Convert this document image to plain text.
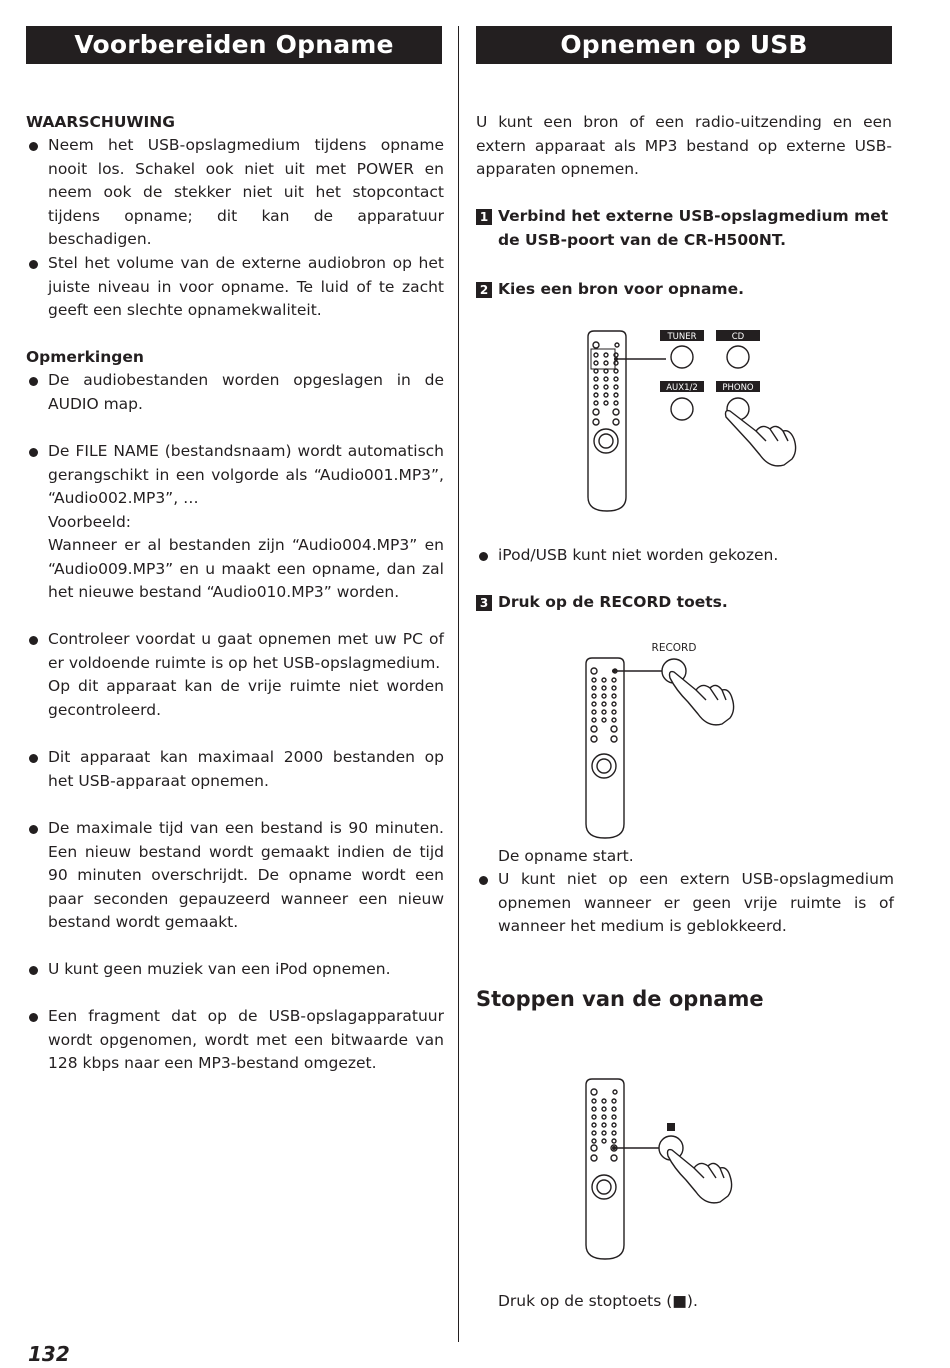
Voorbereiden Opname	Opnemen op USB
WAARSCHUWING
Neem het USB-opslagmedium tijdens opname nooit los. Schakel ook niet uit met POWER en neem ook de stekker niet uit het stopcontact tijdens opname; dit kan de apparatuur beschadigen.
Stel het volume van de externe audiobron op het juiste niveau in voor opname. Te luid of te zacht geeft een slechte opnamekwaliteit.
Opmerkingen
De audiobestanden worden opgeslagen in de AUDIO map.
De FILE NAME (bestandsnaam) wordt automatisch gerangschikt in een volgorde als “Audio001.MP3”, “Audio002.MP3”, …
Voorbeeld:
Wanneer er al bestanden zijn “Audio004.MP3” en “Audio009.MP3” en u maakt een opname, dan zal het nieuwe bestand “Audio010.MP3” worden.
Controleer voordat u gaat opnemen met uw PC of er voldoende ruimte is op het USB-opslagmedium.
Op dit apparaat kan de vrije ruimte niet worden gecontroleerd.
Dit apparaat kan maximaal 2000 bestanden op het USB-apparaat opnemen.
De maximale tijd van een bestand is 90 minuten. Een nieuw bestand wordt gemaakt indien de tijd 90 minuten overschrijdt. De opname wordt een paar seconden gepauzeerd wanneer een nieuw bestand wordt gemaakt.
U kunt geen muziek van een iPod opnemen.
Een fragment dat op de USB-opslagapparatuur wordt opgenomen, wordt met een bitwaarde van 128 kbps naar een MP3-bestand omgezet.
U kunt een bron of een radio-uitzending en een extern apparaat als MP3 bestand op externe USB-apparaten opnemen.
1 Verbind het externe USB-opslagmedium met de USB-poort van de CR-H500NT.
2 Kies een bron voor opname.
TUNER	CD
AUX1/2	PHONO
iPod/USB kunt niet worden gekozen.
3 Druk op de RECORD toets.
RECORD
De opname start.
U kunt niet op een extern USB-opslagmedium opnemen wanneer er geen vrije ruimte is of wanneer het medium is geblokkeerd.
Stoppen van de opname
Druk op de stoptoets (■).
132
